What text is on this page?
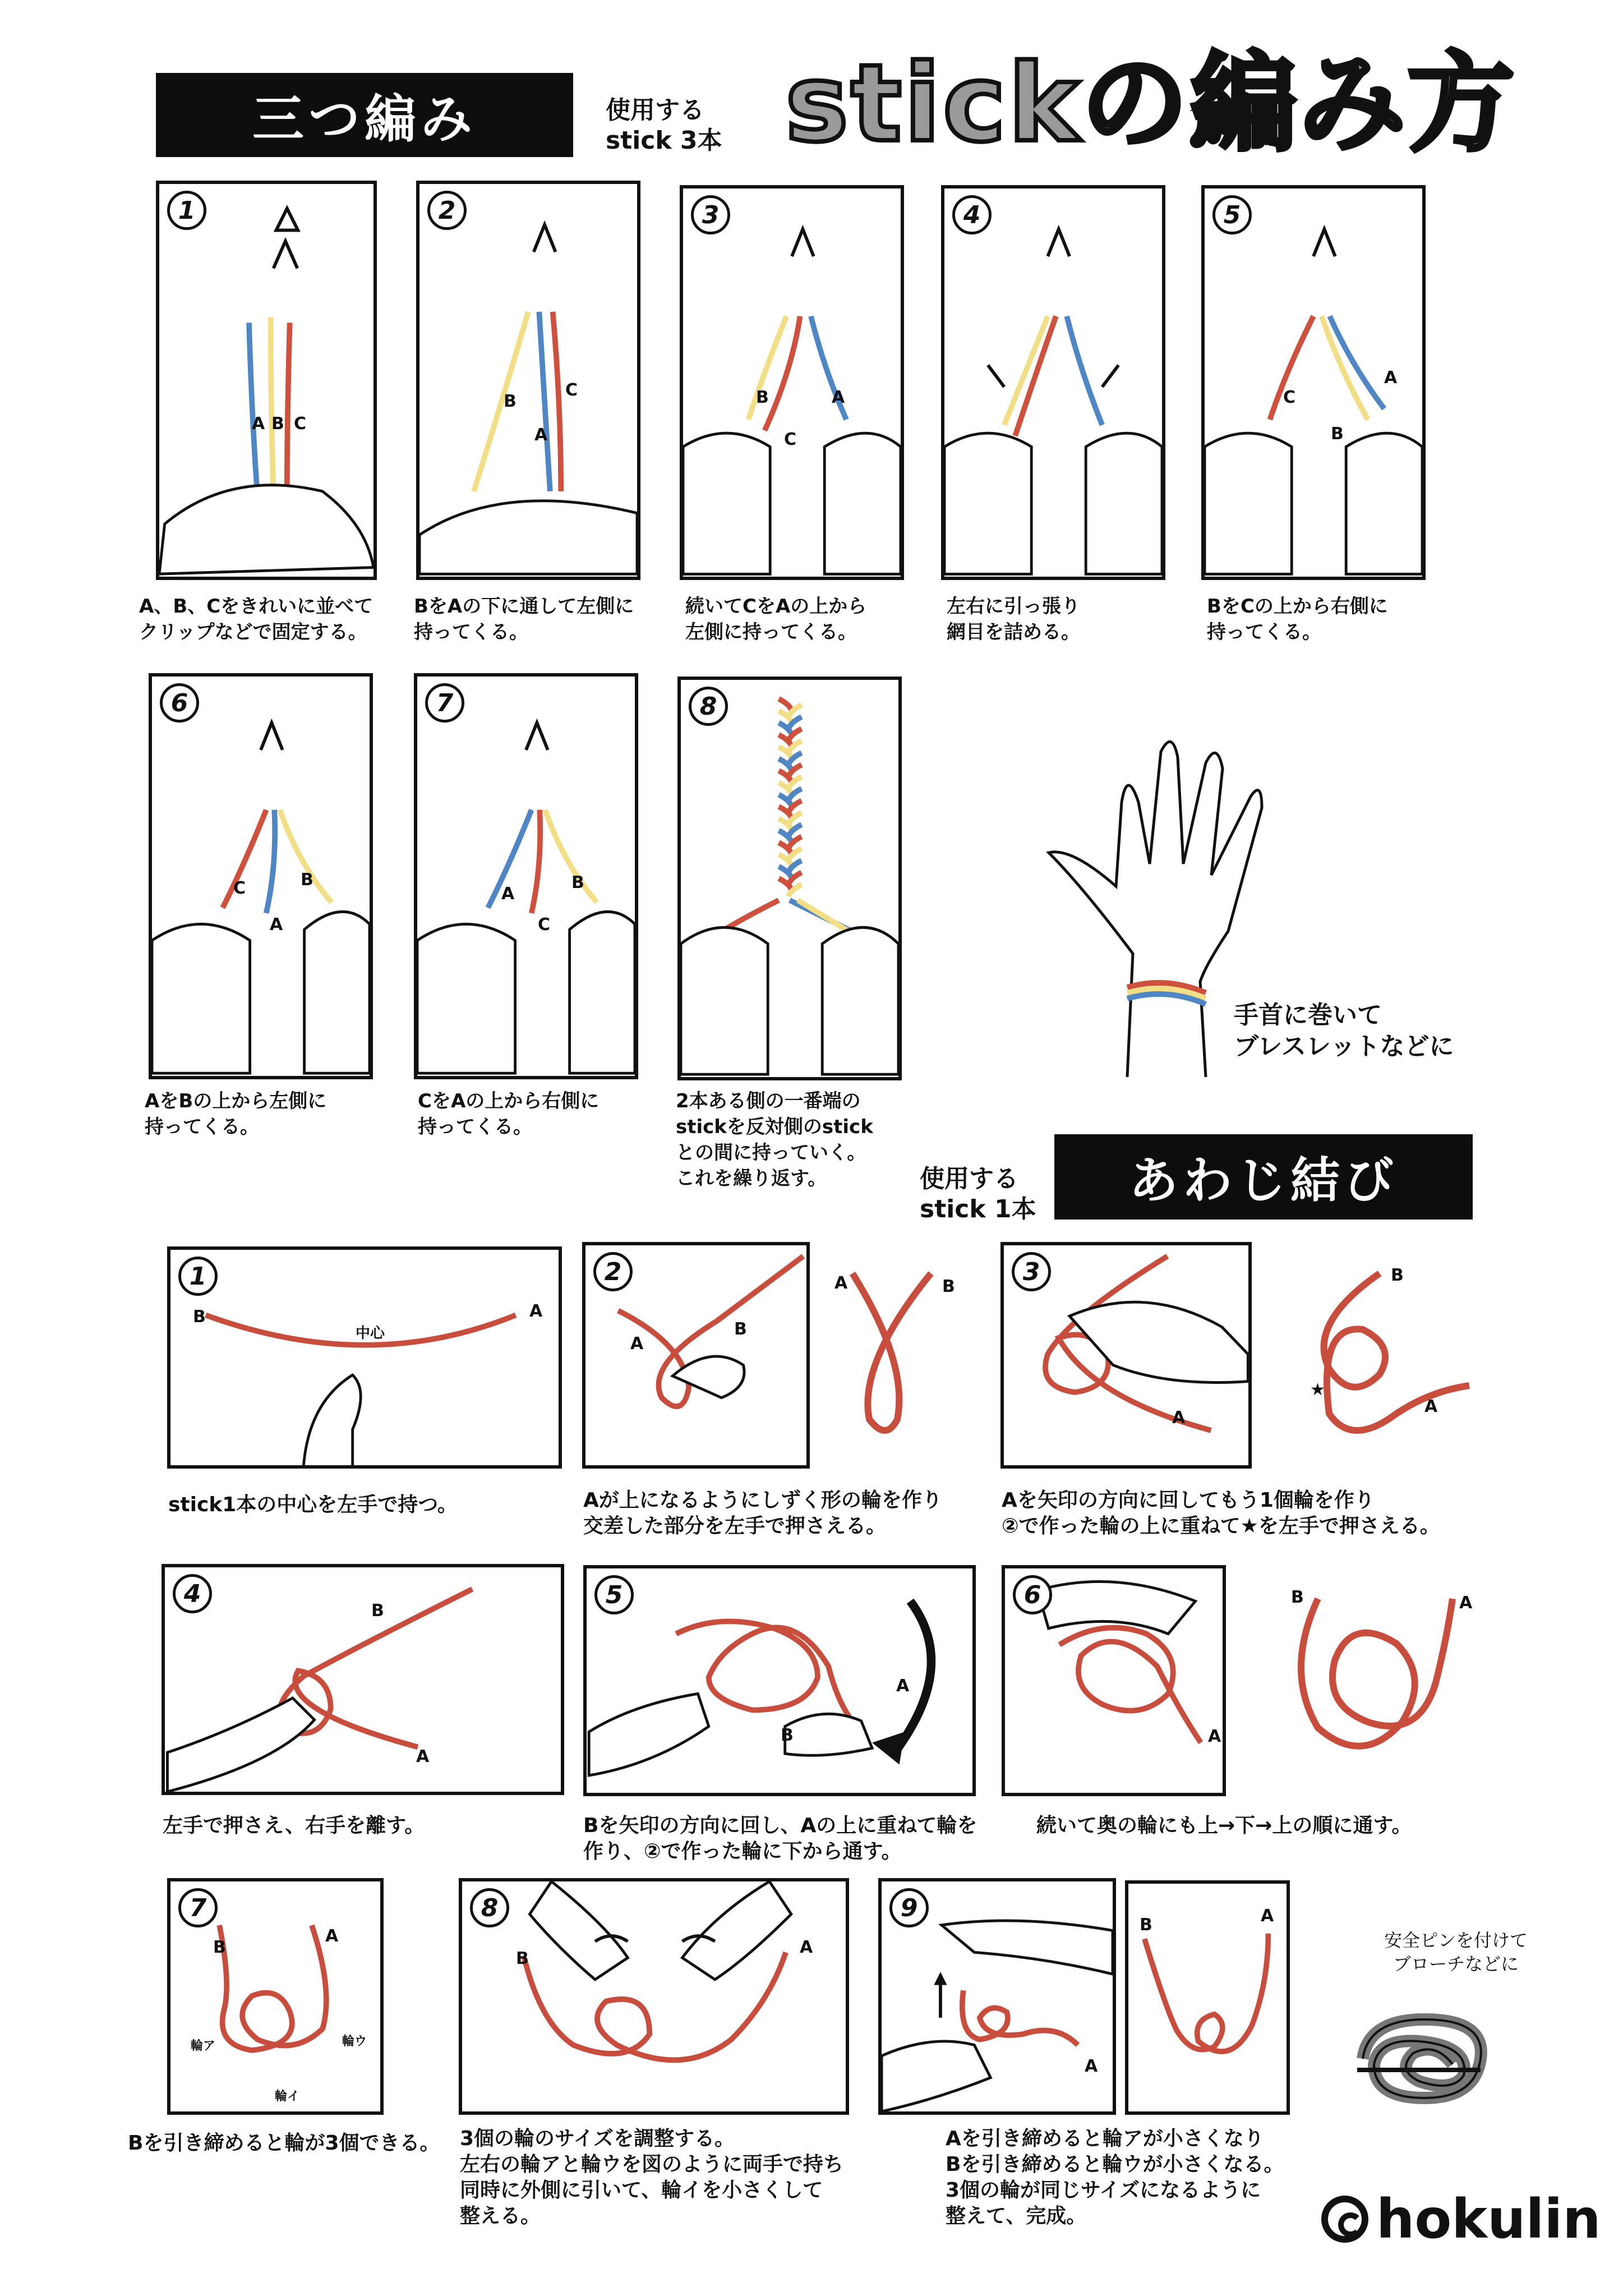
三つ編み	使用する
stick 3本 stickの編み方
1
A B C
A、B、Cをきれいに並べて
クリップなどで固定する。
2
B
C
A
BをAの下に通して左側に
持ってくる。
3
B	A
C
続いてCをAの上から
左側に持ってくる。
4
左右に引っ張り
網目を詰める。
5
C
A
B
BをCの上から右側に
持ってくる。
6
C	B
A
AをBの上から左側に
持ってくる。
7
A
B
C
CをAの上から右側に
持ってくる。
8
2本ある側の一番端の
stickを反対側のstick
との間に持っていく。
これを繰り返す。
手首に巻いて
ブレスレットなどに
使用する
stick 1本 あわじ結び
1
B	A
中心
stick1本の中心を左手で持つ。
2
A
B
A	B
Aが上になるようにしずく形の輪を作り
交差した部分を左手で押さえる。
3
A
B
A
★
Aを矢印の方向に回してもう1個輪を作り
②で作った輪の上に重ねて★を左手で押さえる。
4
B
A
左手で押さえ、右手を離す。
5
A
B
Bを矢印の方向に回し、Aの上に重ねて輪を
作り、②で作った輪に下から通す。
6
A
B	A
続いて奥の輪にも上→下→上の順に通す。
7
B
A
輪ア
輪イ
輪ウ
Bを引き締めると輪が3個できる。
8
B
A
3個の輪のサイズを調整する。
左右の輪アと輪ウを図のように両手で持ち
同時に外側に引いて、輪イを小さくして
整える。
9
A
B	A
Aを引き締めると輪アが小さくなり
Bを引き締めると輪ウが小さくなる。
3個の輪が同じサイズになるように
整えて、完成。
安全ピンを付けて
ブローチなどに
hokulin
